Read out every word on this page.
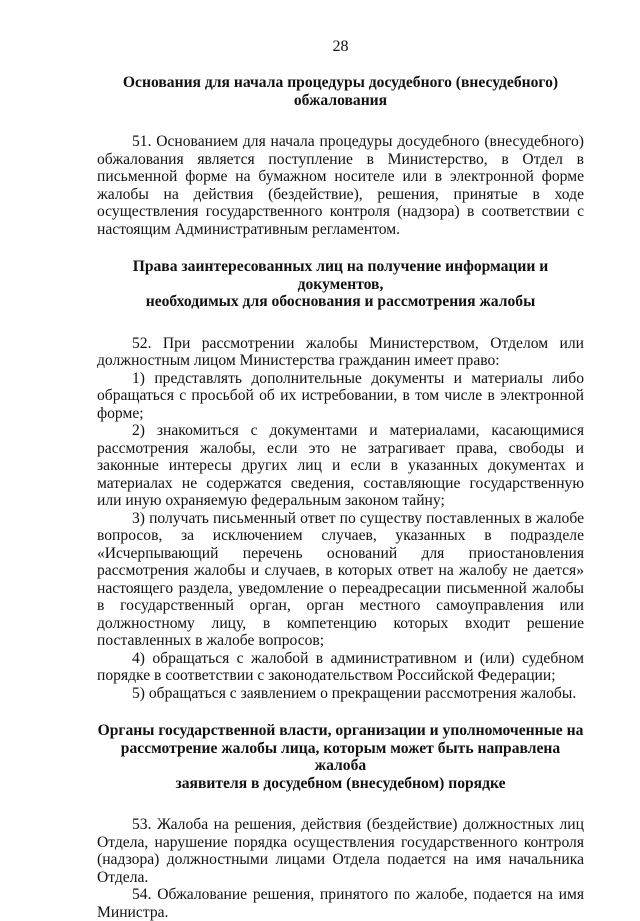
28
Основания для начала процедуры досудебного (внесудебного)
обжалования

51. Основанием для начала процедуры досудебного (внесудебного) обжалования является поступление в Министерство, в Отдел в письменной форме на бумажном носителе или в электронной форме жалобы на действия (бездействие), решения, принятые в ходе осуществления государственного контроля (надзора) в соответствии с настоящим Административным регламентом.

Права заинтересованных лиц на получение информации и документов,
необходимых для обоснования и рассмотрения жалобы

52. При рассмотрении жалобы Министерством, Отделом или должностным лицом Министерства гражданин имеет право:

1) представлять дополнительные документы и материалы либо обращаться с просьбой об их истребовании, в том числе в электронной форме;

2) знакомиться с документами и материалами, касающимися рассмотрения жалобы, если это не затрагивает права, свободы и законные интересы других лиц и если в указанных документах и материалах не содержатся сведения, составляющие государственную или иную охраняемую федеральным законом тайну;

3) получать письменный ответ по существу поставленных в жалобе вопросов, за исключением случаев, указанных в подразделе «Исчерпывающий перечень оснований для приостановления рассмотрения жалобы и случаев, в которых ответ на жалобу не дается» настоящего раздела, уведомление о переадресации письменной жалобы в государственный орган, орган местного самоуправления или должностному лицу, в компетенцию которых входит решение поставленных в жалобе вопросов;

4) обращаться с жалобой в административном и (или) судебном порядке в соответствии с законодательством Российской Федерации;

5) обращаться с заявлением о прекращении рассмотрения жалобы.

Органы государственной власти, организации и уполномоченные на
рассмотрение жалобы лица, которым может быть направлена жалоба
заявителя в досудебном (внесудебном) порядке

53. Жалоба на решения, действия (бездействие) должностных лиц Отдела, нарушение порядка осуществления государственного контроля (надзора) должностными лицами Отдела подается на имя начальника Отдела.

54. Обжалование решения, принятого по жалобе, подается на имя Министра.
